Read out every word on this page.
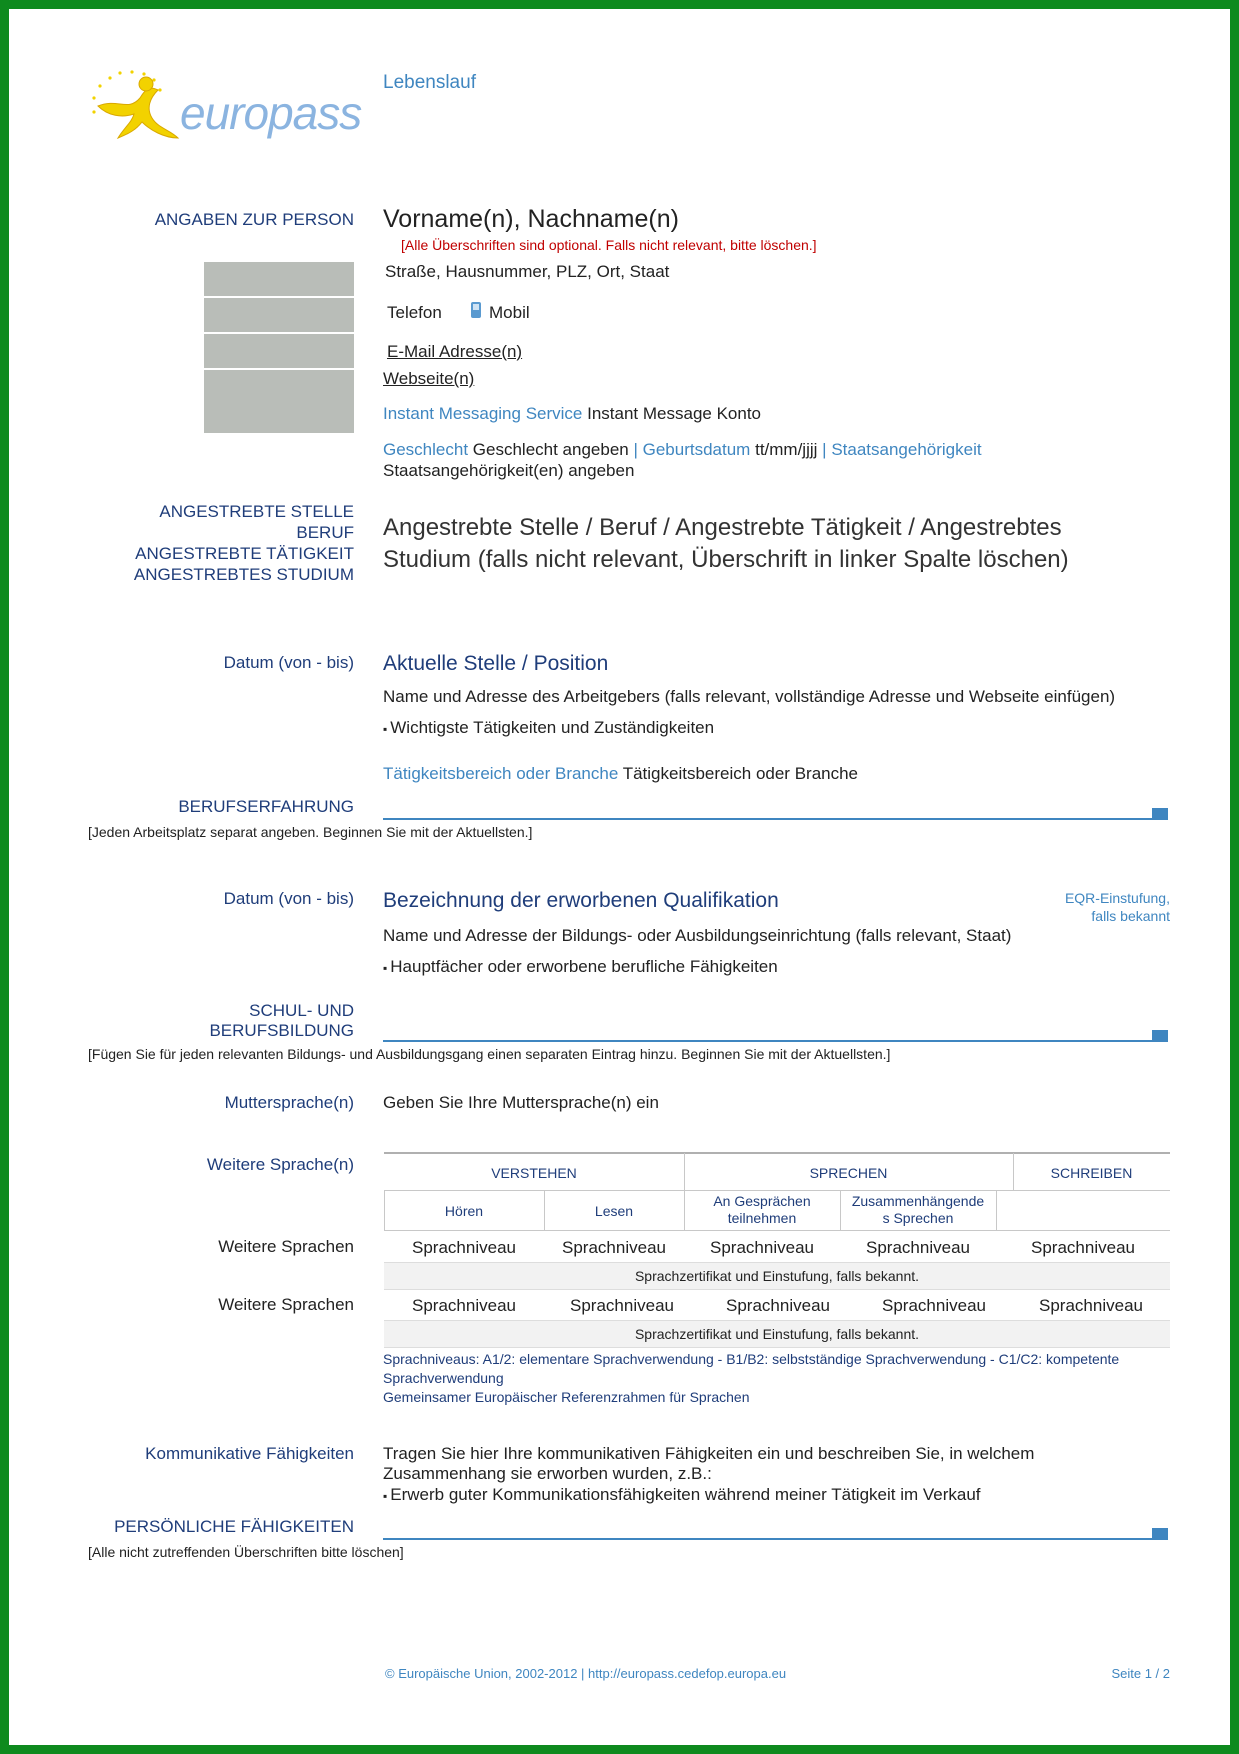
europass
Lebenslauf
ANGABEN ZUR PERSON Vorname(n), Nachname(n)
[Alle Überschriften sind optional. Falls nicht relevant, bitte löschen.]
Straße, Hausnummer, PLZ, Ort, Staat
Telefon	Mobil
E-Mail Adresse(n)
Webseite(n)
Instant Messaging Service Instant Message Konto
Geschlecht Geschlecht angeben | Geburtsdatum tt/mm/jjjj | Staatsangehörigkeit
Staatsangehörigkeit(en) angeben
ANGESTREBTE STELLE
BERUF
ANGESTREBTE TÄTIGKEIT
ANGESTREBTES STUDIUM
Angestrebte Stelle / Beruf / Angestrebte Tätigkeit / Angestrebtes
Studium (falls nicht relevant, Überschrift in linker Spalte löschen)
Datum (von - bis) Aktuelle Stelle / Position
Name und Adresse des Arbeitgebers (falls relevant, vollständige Adresse und Webseite einfügen)
▪ Wichtigste Tätigkeiten und Zuständigkeiten
Tätigkeitsbereich oder Branche Tätigkeitsbereich oder Branche
BERUFSERFAHRUNG
[Jeden Arbeitsplatz separat angeben. Beginnen Sie mit der Aktuellsten.]
Datum (von - bis) Bezeichnung der erworbenen Qualifikation	EQR-Einstufung,
falls bekannt
Name und Adresse der Bildungs- oder Ausbildungseinrichtung (falls relevant, Staat)
▪ Hauptfächer oder erworbene berufliche Fähigkeiten
SCHUL- UND
BERUFSBILDUNG
[Fügen Sie für jeden relevanten Bildungs- und Ausbildungsgang einen separaten Eintrag hinzu. Beginnen Sie mit der Aktuellsten.]
Muttersprache(n) Geben Sie Ihre Muttersprache(n) ein
Weitere Sprache(n)	VERSTEHEN	SPRECHEN	SCHREIBEN
Hören	Lesen
An Gesprächen
teilnehmen
Zusammenhängende
s Sprechen
Weitere Sprachen	Sprachniveau	Sprachniveau	Sprachniveau	Sprachniveau	Sprachniveau
Sprachzertifikat und Einstufung, falls bekannt.
Weitere Sprachen	Sprachniveau	Sprachniveau	Sprachniveau	Sprachniveau	Sprachniveau
Sprachzertifikat und Einstufung, falls bekannt.
Sprachniveaus: A1/2: elementare Sprachverwendung - B1/B2: selbstständige Sprachverwendung - C1/C2: kompetente
Sprachverwendung
Gemeinsamer Europäischer Referenzrahmen für Sprachen
Kommunikative Fähigkeiten Tragen Sie hier Ihre kommunikativen Fähigkeiten ein und beschreiben Sie, in welchem
Zusammenhang sie erworben wurden, z.B.:
▪ Erwerb guter Kommunikationsfähigkeiten während meiner Tätigkeit im Verkauf
PERSÖNLICHE FÄHIGKEITEN
[Alle nicht zutreffenden Überschriften bitte löschen]
© Europäische Union, 2002-2012 | http://europass.cedefop.europa.eu	Seite 1 / 2
